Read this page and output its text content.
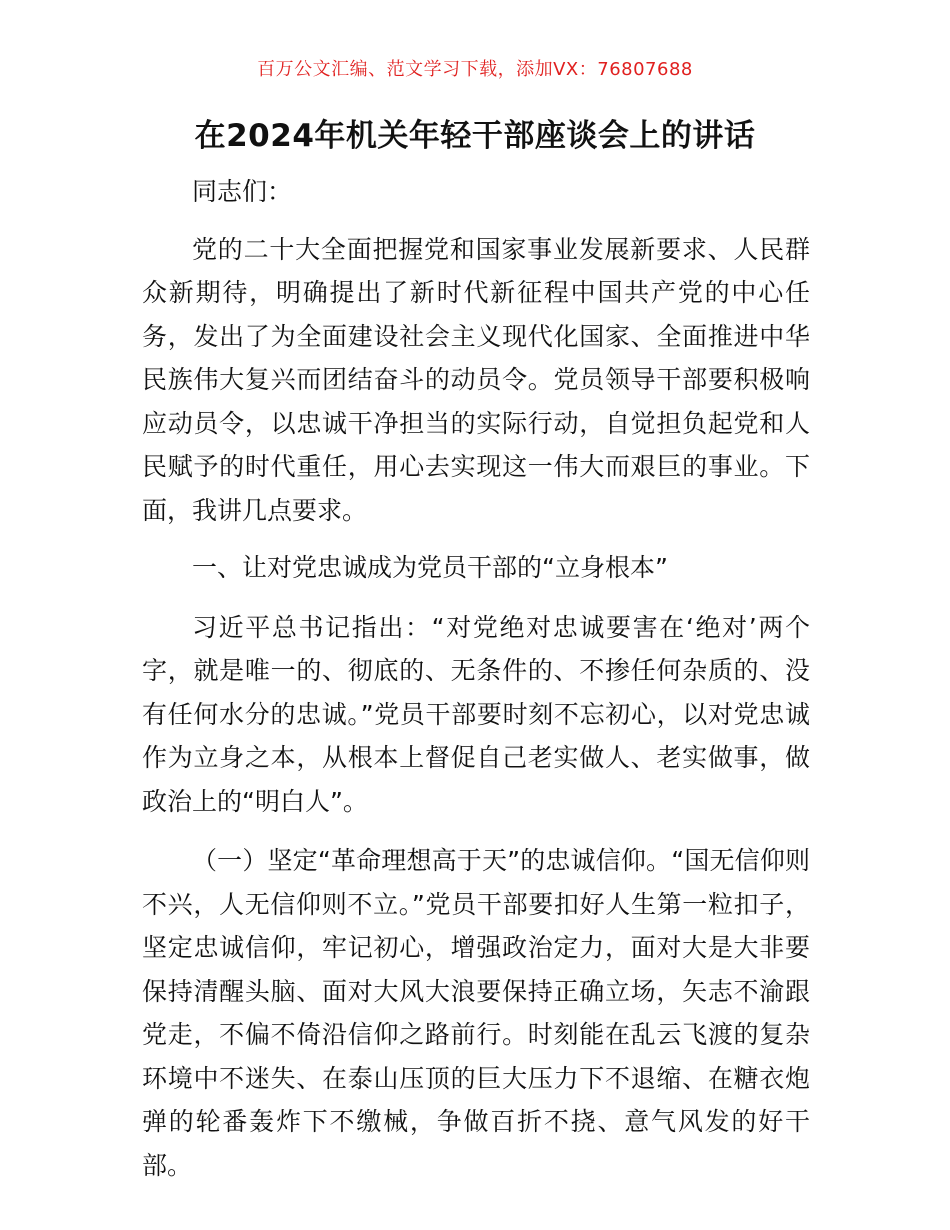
百万公文汇编、范文学习下载，添加VX：76807688
在2024年机关年轻干部座谈会上的讲话

同志们：

党的二十大全面把握党和国家事业发展新要求、人民群众新期待，明确提出了新时代新征程中国共产党的中心任务，发出了为全面建设社会主义现代化国家、全面推进中华民族伟大复兴而团结奋斗的动员令。党员领导干部要积极响应动员令，以忠诚干净担当的实际行动，自觉担负起党和人民赋予的时代重任，用心去实现这一伟大而艰巨的事业。下面，我讲几点要求。

一、让对党忠诚成为党员干部的“立身根本”

习近平总书记指出：“对党绝对忠诚要害在‘绝对’两个字，就是唯一的、彻底的、无条件的、不掺任何杂质的、没有任何水分的忠诚。”党员干部要时刻不忘初心，以对党忠诚作为立身之本，从根本上督促自己老实做人、老实做事，做政治上的“明白人”。

（一）坚定“革命理想高于天”的忠诚信仰。“国无信仰则不兴，人无信仰则不立。”党员干部要扣好人生第一粒扣子，坚定忠诚信仰，牢记初心，增强政治定力，面对大是大非要保持清醒头脑、面对大风大浪要保持正确立场，矢志不渝跟党走，不偏不倚沿信仰之路前行。时刻能在乱云飞渡的复杂环境中不迷失、在泰山压顶的巨大压力下不退缩、在糖衣炮弹的轮番轰炸下不缴械，争做百折不挠、意气风发的好干部。
